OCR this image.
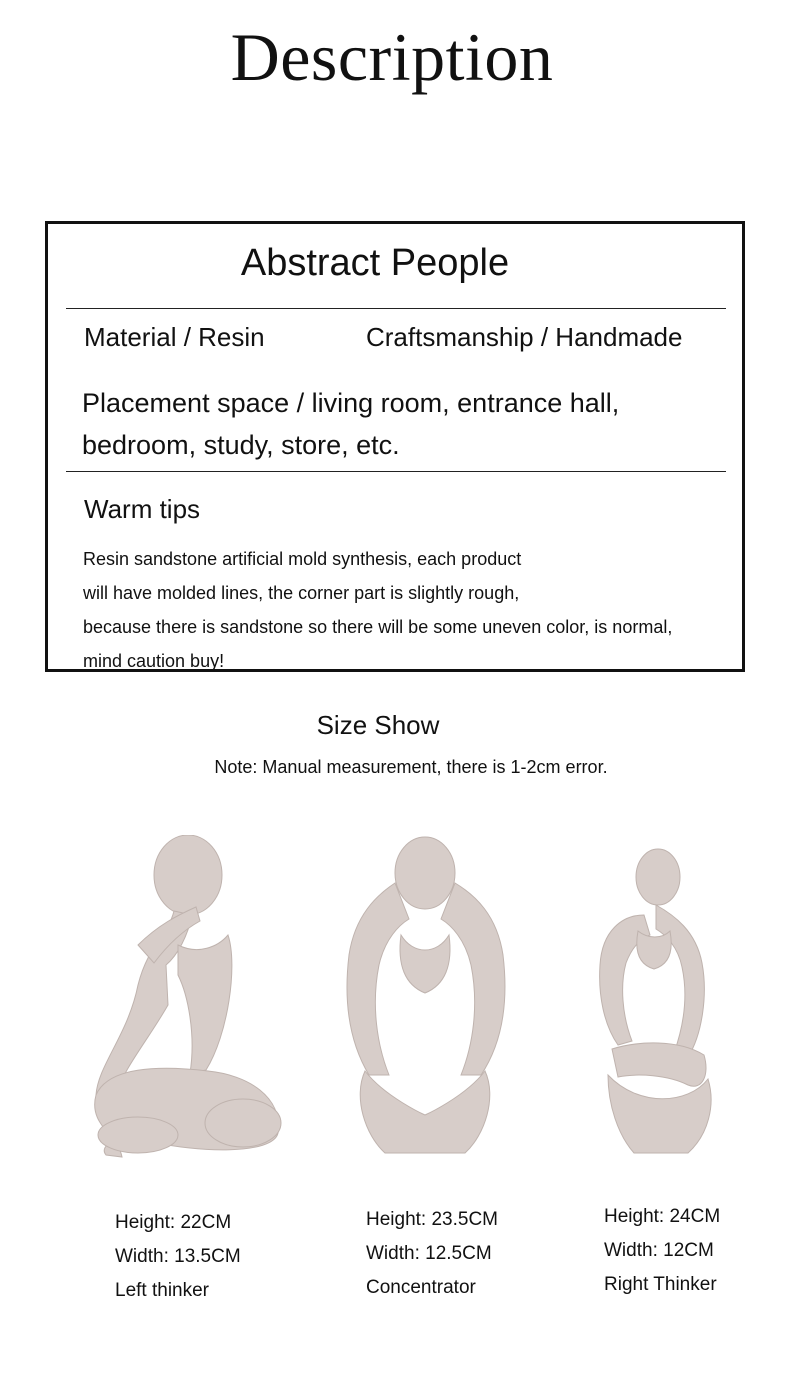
Description
Abstract People
Material / Resin	Craftsmanship / Handmade
Placement space / living room, entrance hall, bedroom, study, store, etc.
Warm tips
Resin sandstone artificial mold synthesis, each product
will have molded lines, the corner part is slightly rough,
because there is sandstone so there will be some uneven color, is normal,
mind caution buy!
Size Show
Note: Manual measurement, there is 1-2cm error.
Height: 22CM
Width: 13.5CM
Left thinker
Height: 23.5CM
Width: 12.5CM
Concentrator
Height: 24CM
Width: 12CM
Right Thinker
